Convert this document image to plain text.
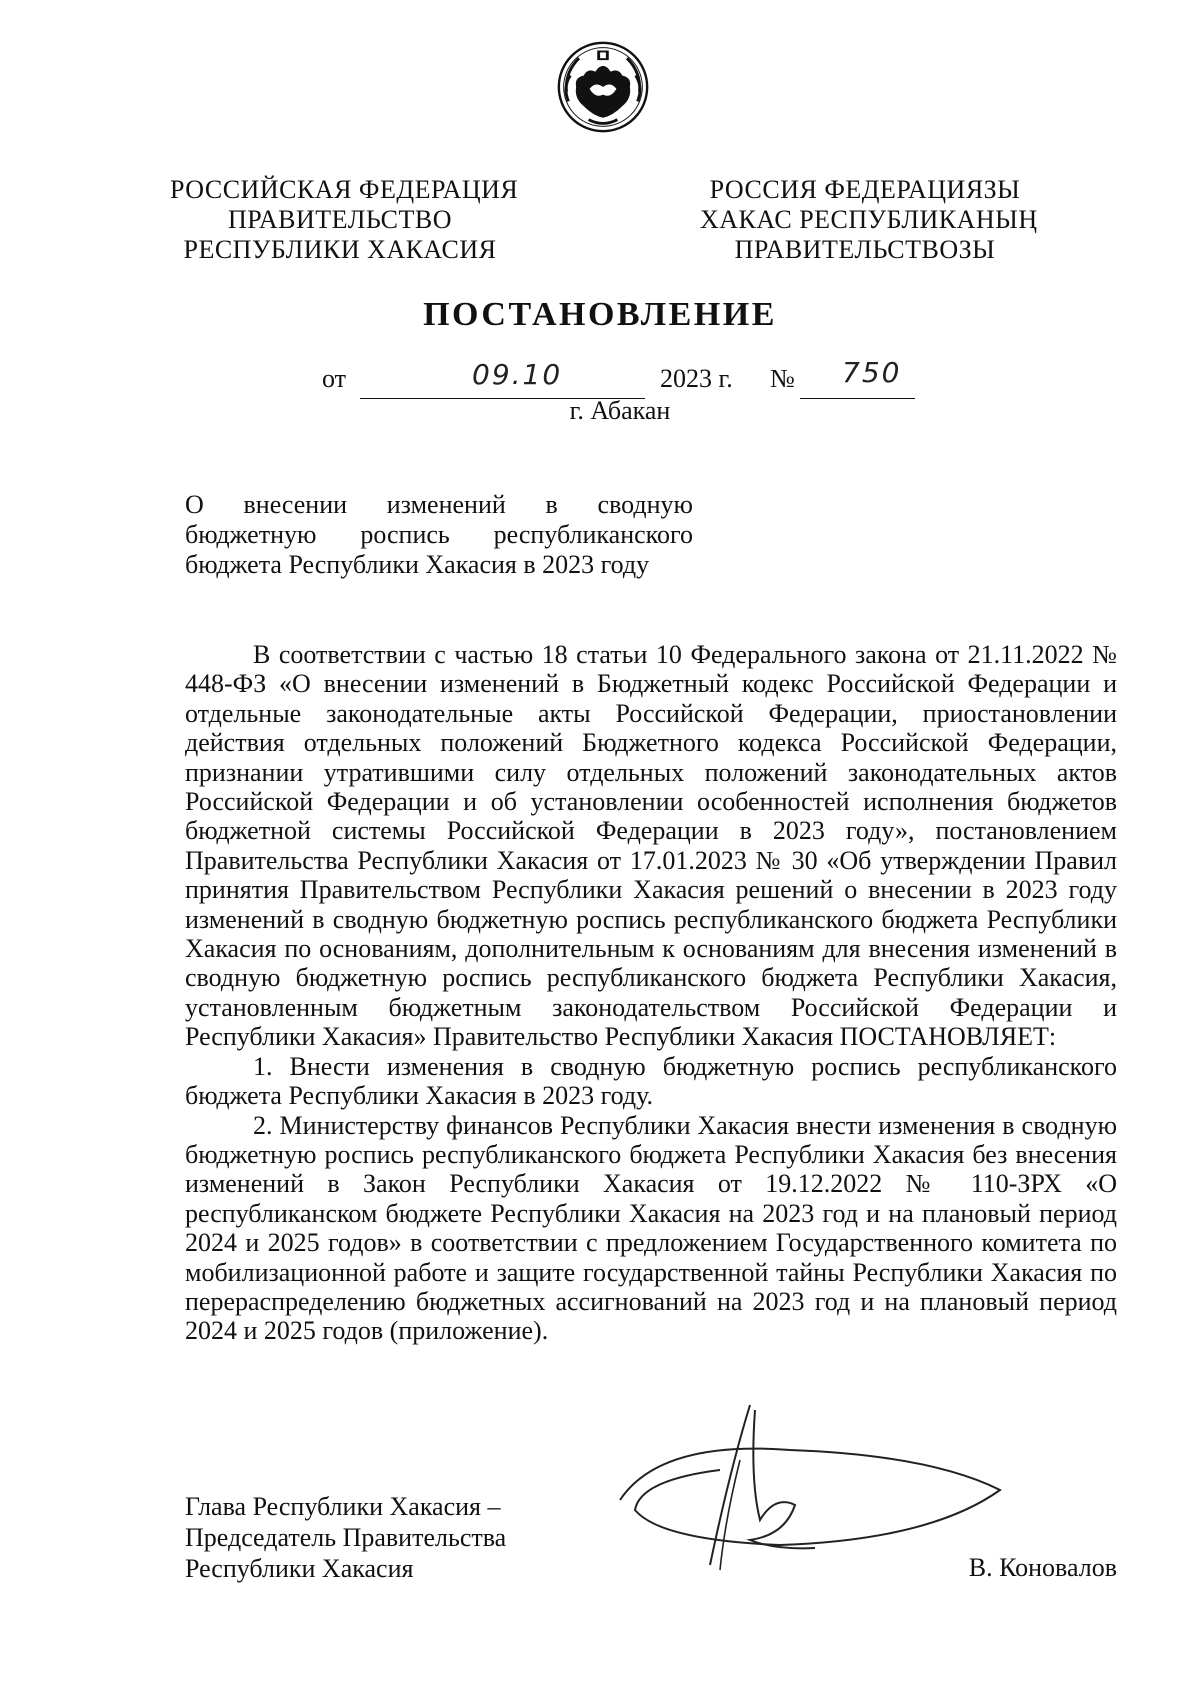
РОССИЙСКАЯ ФЕДЕРАЦИЯ
ПРАВИТЕЛЬСТВО
РЕСПУБЛИКИ ХАКАСИЯ
РОССИЯ ФЕДЕРАЦИЯЗЫ
ХАКАС РЕСПУБЛИКАНЫҢ
ПРАВИТЕЛЬСТВОЗЫ
ПОСТАНОВЛЕНИЕ
от	09.10	2023 г. № 750
г. Абакан
О внесении изменений в сводную
бюджетную роспись республиканского
бюджета Республики Хакасия в 2023 году

В соответствии с частью 18 статьи 10 Федерального закона от 21.11.2022 № 448-ФЗ «О внесении изменений в Бюджетный кодекс Российской Федерации и отдельные законодательные акты Российской Федерации, приостановлении действия отдельных положений Бюджетного кодекса Российской Федерации, признании утратившими силу отдельных положений законодательных актов Российской Федерации и об установлении особенностей исполнения бюджетов бюджетной системы Российской Федерации в 2023 году», постановлением Правительства Республики Хакасия от 17.01.2023 № 30 «Об утверждении Правил принятия Правительством Республики Хакасия решений о внесении в 2023 году изменений в сводную бюджетную роспись республиканского бюджета Республики Хакасия по основаниям, дополнительным к основаниям для внесения изменений в сводную бюджетную роспись республиканского бюджета Республики Хакасия, установленным бюджетным законодательством Российской Федерации и Республики Хакасия» Правительство Республики Хакасия ПОСТАНОВЛЯЕТ:

1. Внести изменения в сводную бюджетную роспись республиканского бюджета Республики Хакасия в 2023 году.

2. Министерству финансов Республики Хакасия внести изменения в сводную бюджетную роспись республиканского бюджета Республики Хакасия без внесения изменений в Закон Республики Хакасия от 19.12.2022 № 110-ЗРХ «О республиканском бюджете Республики Хакасия на 2023 год и на плановый период 2024 и 2025 годов» в соответствии с предложением Государственного комитета по мобилизационной работе и защите государственной тайны Республики Хакасия по перераспределению бюджетных ассигнований на 2023 год и на плановый период 2024 и 2025 годов (приложение).

Глава Республики Хакасия –
Председатель Правительства
Республики Хакасия	В. Коновалов
